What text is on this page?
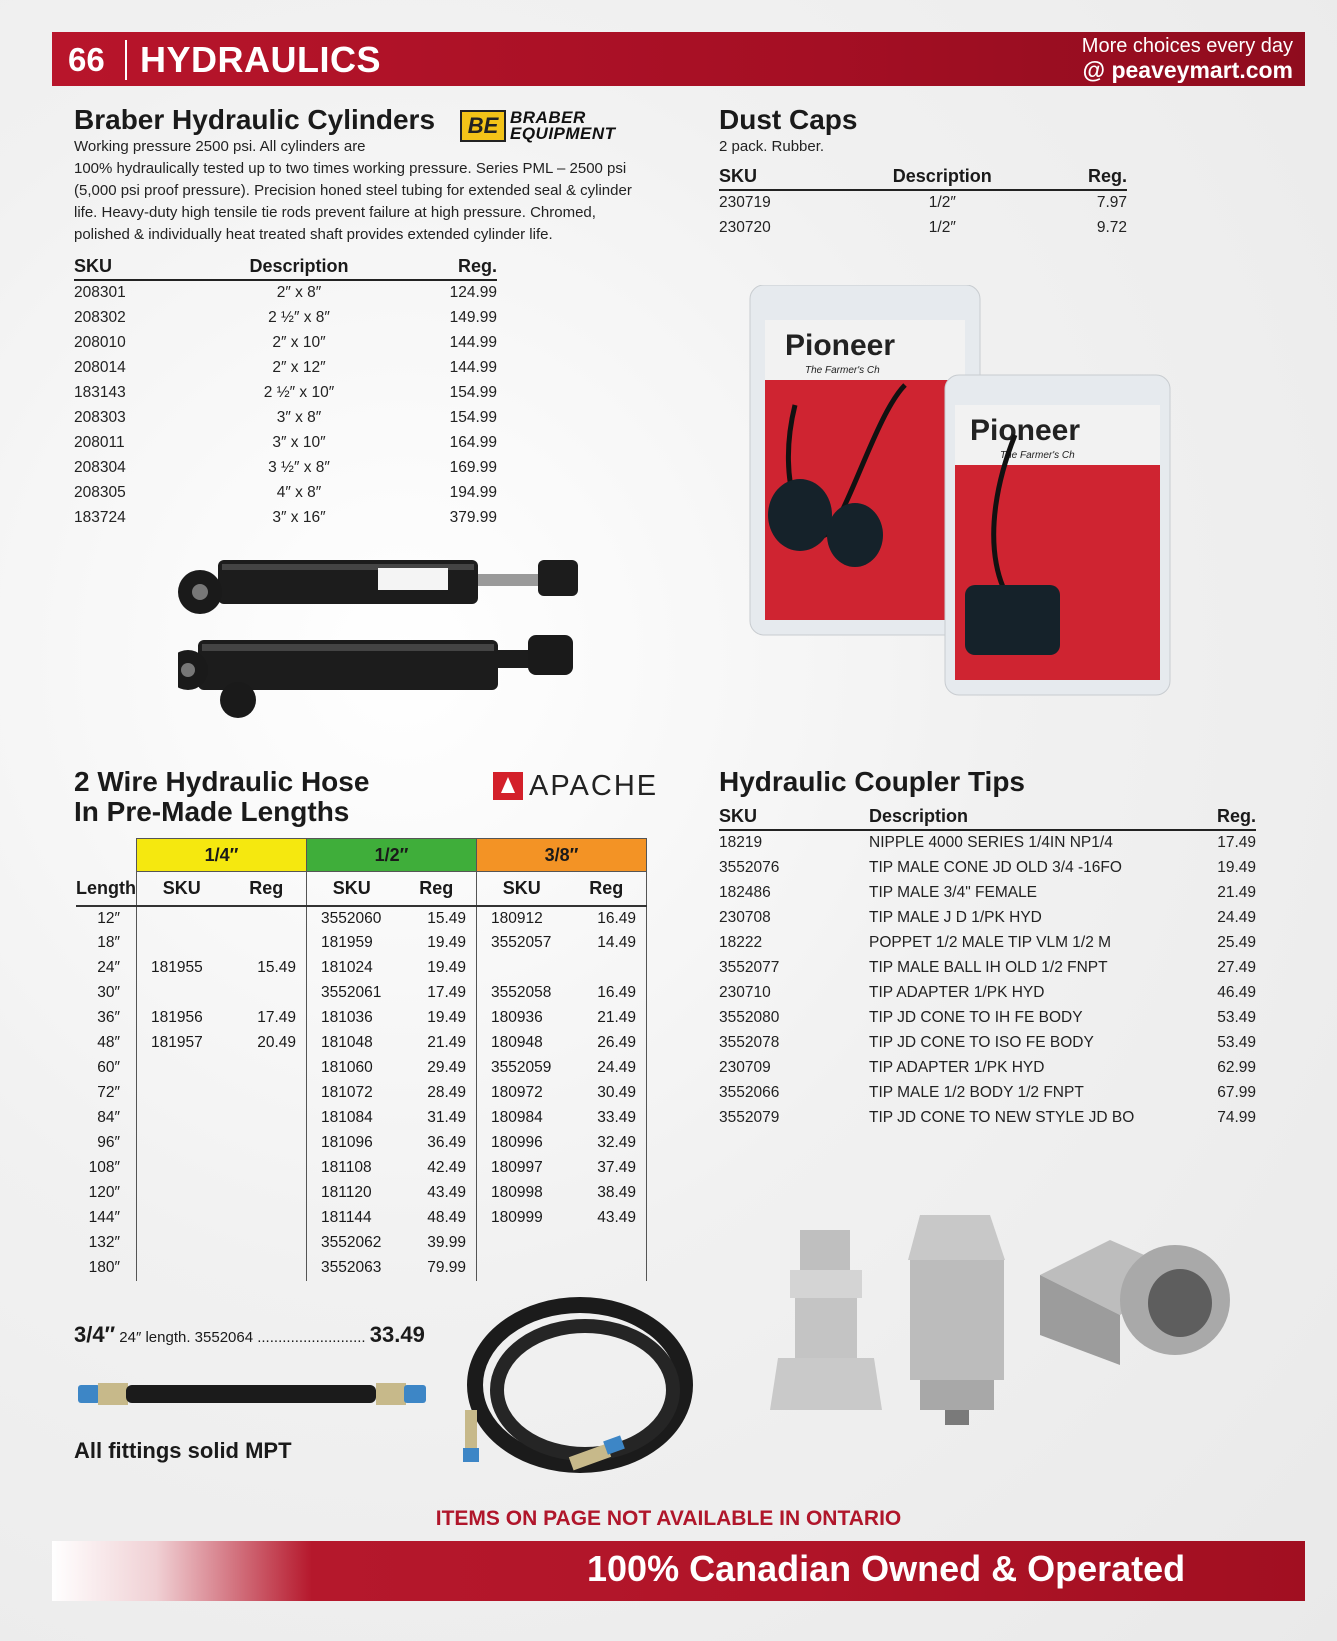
66 HYDRAULICS	More choices every day
@ peaveymart.com
Braber Hydraulic Cylinders
Working pressure 2500 psi. All cylinders are
100% hydraulically tested up to two times working pressure. Series PML – 2500 psi
(5,000 psi proof pressure). Precision honed steel tubing for extended seal & cylinder
life. Heavy-duty high tensile tie rods prevent failure at high pressure. Chromed,
polished & individually heat treated shaft provides extended cylinder life.
SKU	Description	Reg.
208301	2″ x 8″	124.99
208302	2 ½″ x 8″	149.99
208010	2″ x 10″	144.99
208014	2″ x 12″	144.99
183143	2 ½″ x 10″	154.99
208303	3″ x 8″	154.99
208011	3″ x 10″	164.99
208304	3 ½″ x 8″	169.99
208305	4″ x 8″	194.99
183724	3″ x 16″	379.99
BE BRABER
EQUIPMENT	Dust Caps
2 pack. Rubber.
SKU	Description	Reg.
230719	1/2″	7.97
230720	1/2″	9.72
Pioneer
The Farmer's Ch
Pioneer
The Farmer's Ch
2 Wire Hydraulic Hose
In Pre-Made Lengths
APACHE
	1/4″		1/2″		3/8″	
Length	SKU	Reg	SKU	Reg	SKU	Reg
12″			3552060	15.49	180912	16.49
18″			181959	19.49	3552057	14.49
24″	181955	15.49	181024	19.49		
30″			3552061	17.49	3552058	16.49
36″	181956	17.49	181036	19.49	180936	21.49
48″	181957	20.49	181048	21.49	180948	26.49
60″			181060	29.49	3552059	24.49
72″			181072	28.49	180972	30.49
84″			181084	31.49	180984	33.49
96″			181096	36.49	180996	32.49
108″			181108	42.49	180997	37.49
120″			181120	43.49	180998	38.49
144″			181144	48.49	180999	43.49
132″			3552062	39.99		
180″			3552063	79.99		
3/4″ 24″ length. 3552064 .......................... 33.49
All fittings solid MPT
Hydraulic Coupler Tips
SKU	Description	Reg.
18219	NIPPLE 4000 SERIES 1/4IN NP1/4	17.49
3552076	TIP MALE CONE JD OLD 3/4 -16FO	19.49
182486	TIP MALE 3/4" FEMALE	21.49
230708	TIP MALE J D 1/PK HYD	24.49
18222	POPPET 1/2 MALE TIP VLM 1/2 M	25.49
3552077	TIP MALE BALL IH OLD 1/2 FNPT	27.49
230710	TIP ADAPTER 1/PK HYD	46.49
3552080	TIP JD CONE TO IH FE BODY	53.49
3552078	TIP JD CONE TO ISO FE BODY	53.49
230709	TIP ADAPTER 1/PK HYD	62.99
3552066	TIP MALE 1/2 BODY 1/2 FNPT	67.99
3552079	TIP JD CONE TO NEW STYLE JD BO	74.99
ITEMS ON PAGE NOT AVAILABLE IN ONTARIO
100% Canadian Owned & Operated
